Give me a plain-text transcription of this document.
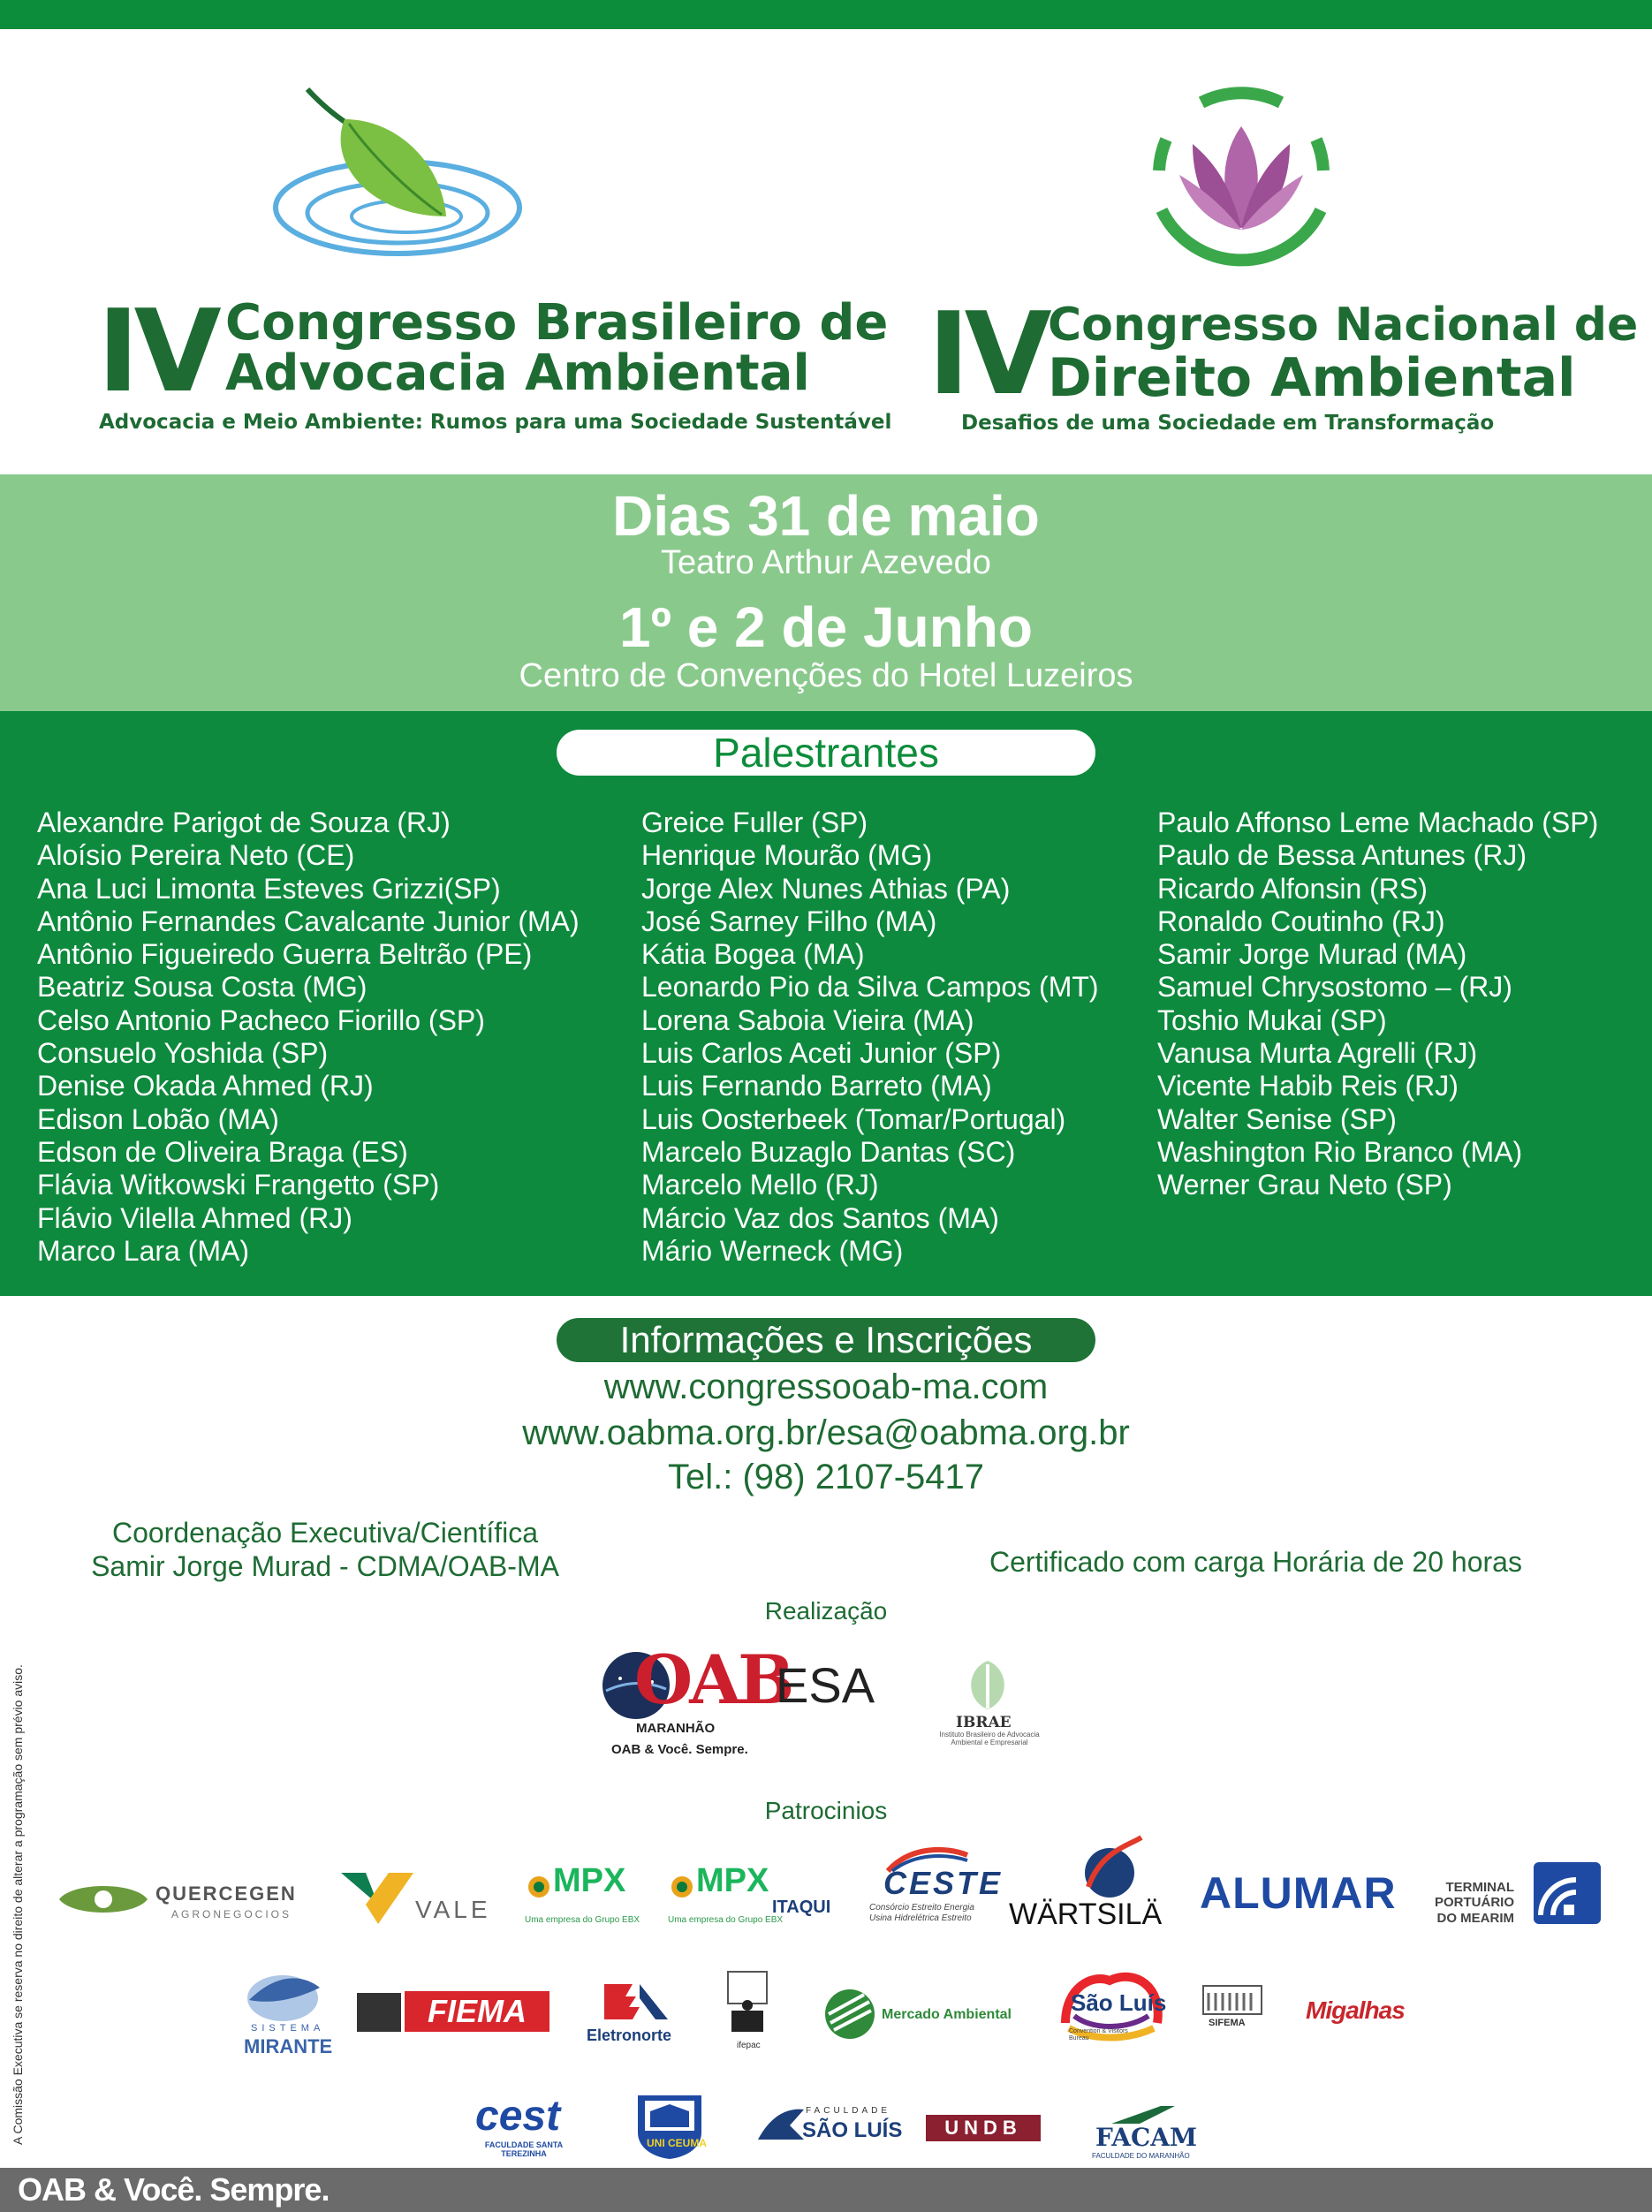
IV Congresso Brasileiro de
Advocacia Ambiental
Advocacia e Meio Ambiente: Rumos para uma Sociedade Sustentável
IV Congresso Nacional de
Direito Ambiental
Desafios de uma Sociedade em Transformação
Dias 31 de maio
Teatro Arthur Azevedo
1º e 2 de Junho
Centro de Convenções do Hotel Luzeiros
Palestrantes
Alexandre Parigot de Souza (RJ)
Aloísio Pereira Neto (CE)
Ana Luci Limonta Esteves Grizzi(SP)
Antônio Fernandes Cavalcante Junior (MA)
Antônio Figueiredo Guerra Beltrão (PE)
Beatriz Sousa Costa (MG)
Celso Antonio Pacheco Fiorillo (SP)
Consuelo Yoshida (SP)
Denise Okada Ahmed (RJ)
Edison Lobão (MA)
Edson de Oliveira Braga (ES)
Flávia Witkowski Frangetto (SP)
Flávio Vilella Ahmed (RJ)
Marco Lara (MA)
Greice Fuller (SP)
Henrique Mourão (MG)
Jorge Alex Nunes Athias (PA)
José Sarney Filho (MA)
Kátia Bogea (MA)
Leonardo Pio da Silva Campos (MT)
Lorena Saboia Vieira (MA)
Luis Carlos Aceti Junior (SP)
Luis Fernando Barreto (MA)
Luis Oosterbeek (Tomar/Portugal)
Marcelo Buzaglo Dantas (SC)
Marcelo Mello (RJ)
Márcio Vaz dos Santos (MA)
Mário Werneck (MG)
Paulo Affonso Leme Machado (SP)
Paulo de Bessa Antunes (RJ)
Ricardo Alfonsin (RS)
Ronaldo Coutinho (RJ)
Samir Jorge Murad (MA)
Samuel Chrysostomo – (RJ)
Toshio Mukai (SP)
Vanusa Murta Agrelli (RJ)
Vicente Habib Reis (RJ)
Walter Senise (SP)
Washington Rio Branco (MA)
Werner Grau Neto (SP)
Informações e Inscrições
www.congressooab-ma.com
www.oabma.org.br/esa@oabma.org.br
Tel.: (98) 2107-5417
Coordenação Executiva/Científica
Samir Jorge Murad - CDMA/OAB-MA	Certificado com carga Horária de 20 horas
A Comissão Executiva se reserva no direito de alterar a programação sem prévio aviso.
Realização
OAB
MARANHÃO
OAB & Você. Sempre.
ESA
IBRAE
Instituto Brasileiro de Advocacia Ambiental e Empresarial
Patrocinios
QUERCEGEN
AGRONEGOCIOS	VALE
MPX
Uma empresa do Grupo EBX
MPX
Uma empresa do Grupo EBX
ITAQUI
CESTE
Consórcio Estreito Energia
Usina Hidrelétrica Estreito WÄRTSILÄ ALUMAR	TERMINAL
PORTUÁRIO
DO MEARIM
SISTEMA
MIRANTE
FIEMA
Eletronorte
ifepac
Mercado Ambiental	São Luís
Convention & Visitors Bureau
SIFEMA Migalhas
cest
FACULDADE SANTA TEREZINHA
UNI CEUMA
FACULDADE
SÃO LUÍS	UNDB	FACAM
FACULDADE DO MARANHÃO
OAB & Você. Sempre.
